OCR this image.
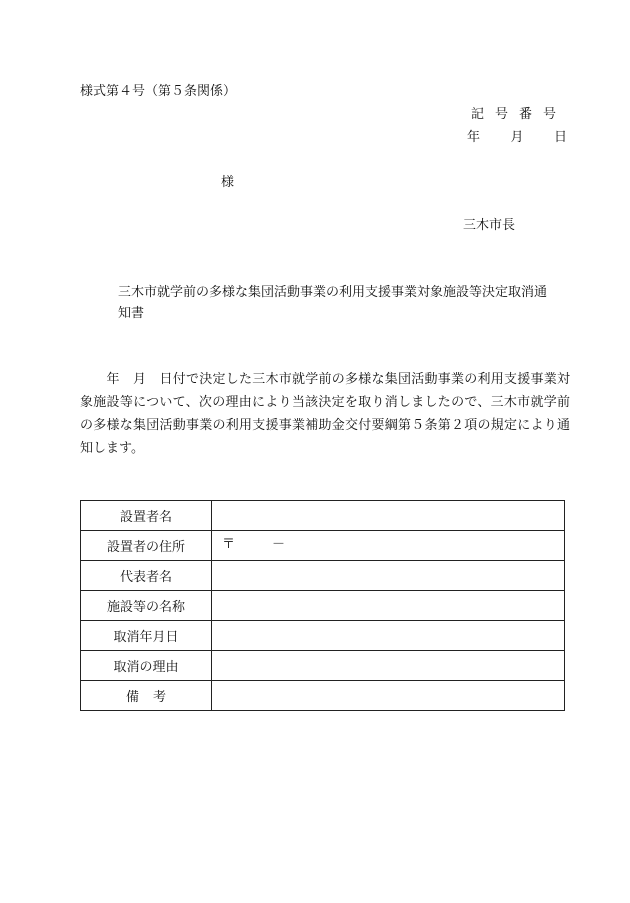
様式第４号（第５条関係）
記号番号
年 月 日
様
三木市長
三木市就学前の多様な集団活動事業の利用支援事業対象施設等決定取消通知書
　　年　月　日付で決定した三木市就学前の多様な集団活動事業の利用支援事業対象施設等について、次の理由により当該決定を取り消しましたので、三木市就学前の多様な集団活動事業の利用支援事業補助金交付要綱第５条第２項の規定により通知します。
設置者名	
設置者の住所	〒 －
代表者名	
施設等の名称	
取消年月日	
取消の理由	
備考	
